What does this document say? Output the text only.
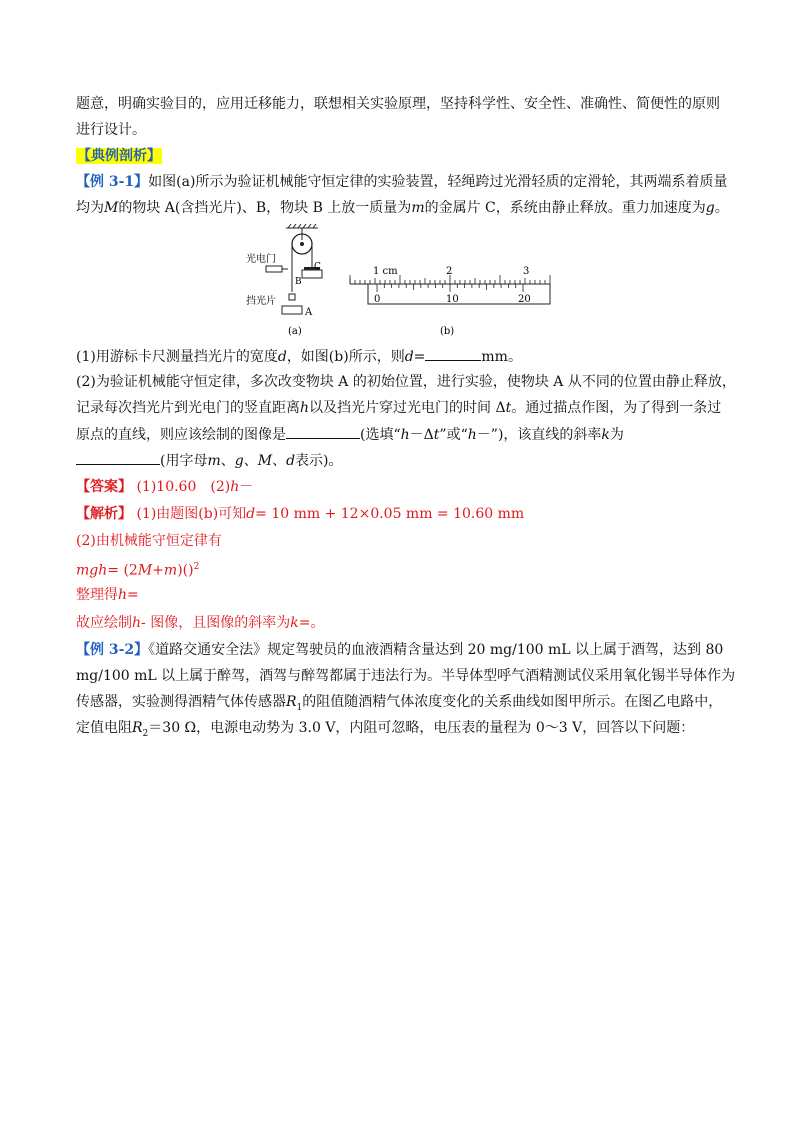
题意，明确实验目的，应用迁移能力，联想相关实验原理，坚持科学性、安全性、准确性、简便性的原则
进行设计。
【典例剖析】
【例 3-1】如图(a)所示为验证机械能守恒定律的实验装置，轻绳跨过光滑轻质的定滑轮，其两端系着质量
均为M的物块 A(含挡光片)、B，物块 B 上放一质量为m的金属片 C，系统由静止释放。重力加速度为g。
光电门
C
B
挡光片
A
(a)
1 cm	2	3
0	10	20
(b)
(1)用游标卡尺测量挡光片的宽度d，如图(b)所示，则d=	mm。
(2)为验证机械能守恒定律，多次改变物块 A 的初始位置，进行实验，使物块 A 从不同的位置由静止释放，
记录每次挡光片到光电门的竖直距离h以及挡光片穿过光电门的时间 Δt。通过描点作图，为了得到一条过
原点的直线，则应该绘制的图像是	(选填“h－Δt”或“h－”)，该直线的斜率k为
(用字母m、g、M、d表示)。
【答案】 (1)10.60　(2)h－
【解析】 (1)由题图(b)可知d= 10 mm + 12×0.05 mm = 10.60 mm
(2)由机械能守恒定律有
mgh= (2M+m)()$^2$
整理得h=
故应绘制h- 图像，且图像的斜率为k=。
【例 3-2】《道路交通安全法》规定驾驶员的血液酒精含量达到 20 mg/100 mL 以上属于酒驾，达到 80
mg/100 mL 以上属于醉驾，酒驾与醉驾都属于违法行为。半导体型呼气酒精测试仪采用氧化锡半导体作为
传感器，实验测得酒精气体传感器$R_1$的阻值随酒精气体浓度变化的关系曲线如图甲所示。在图乙电路中，
定值电阻$R_2=30$ Ω，电源电动势为 3.0 V，内阻可忽略，电压表的量程为 0～3 V，回答以下问题：
